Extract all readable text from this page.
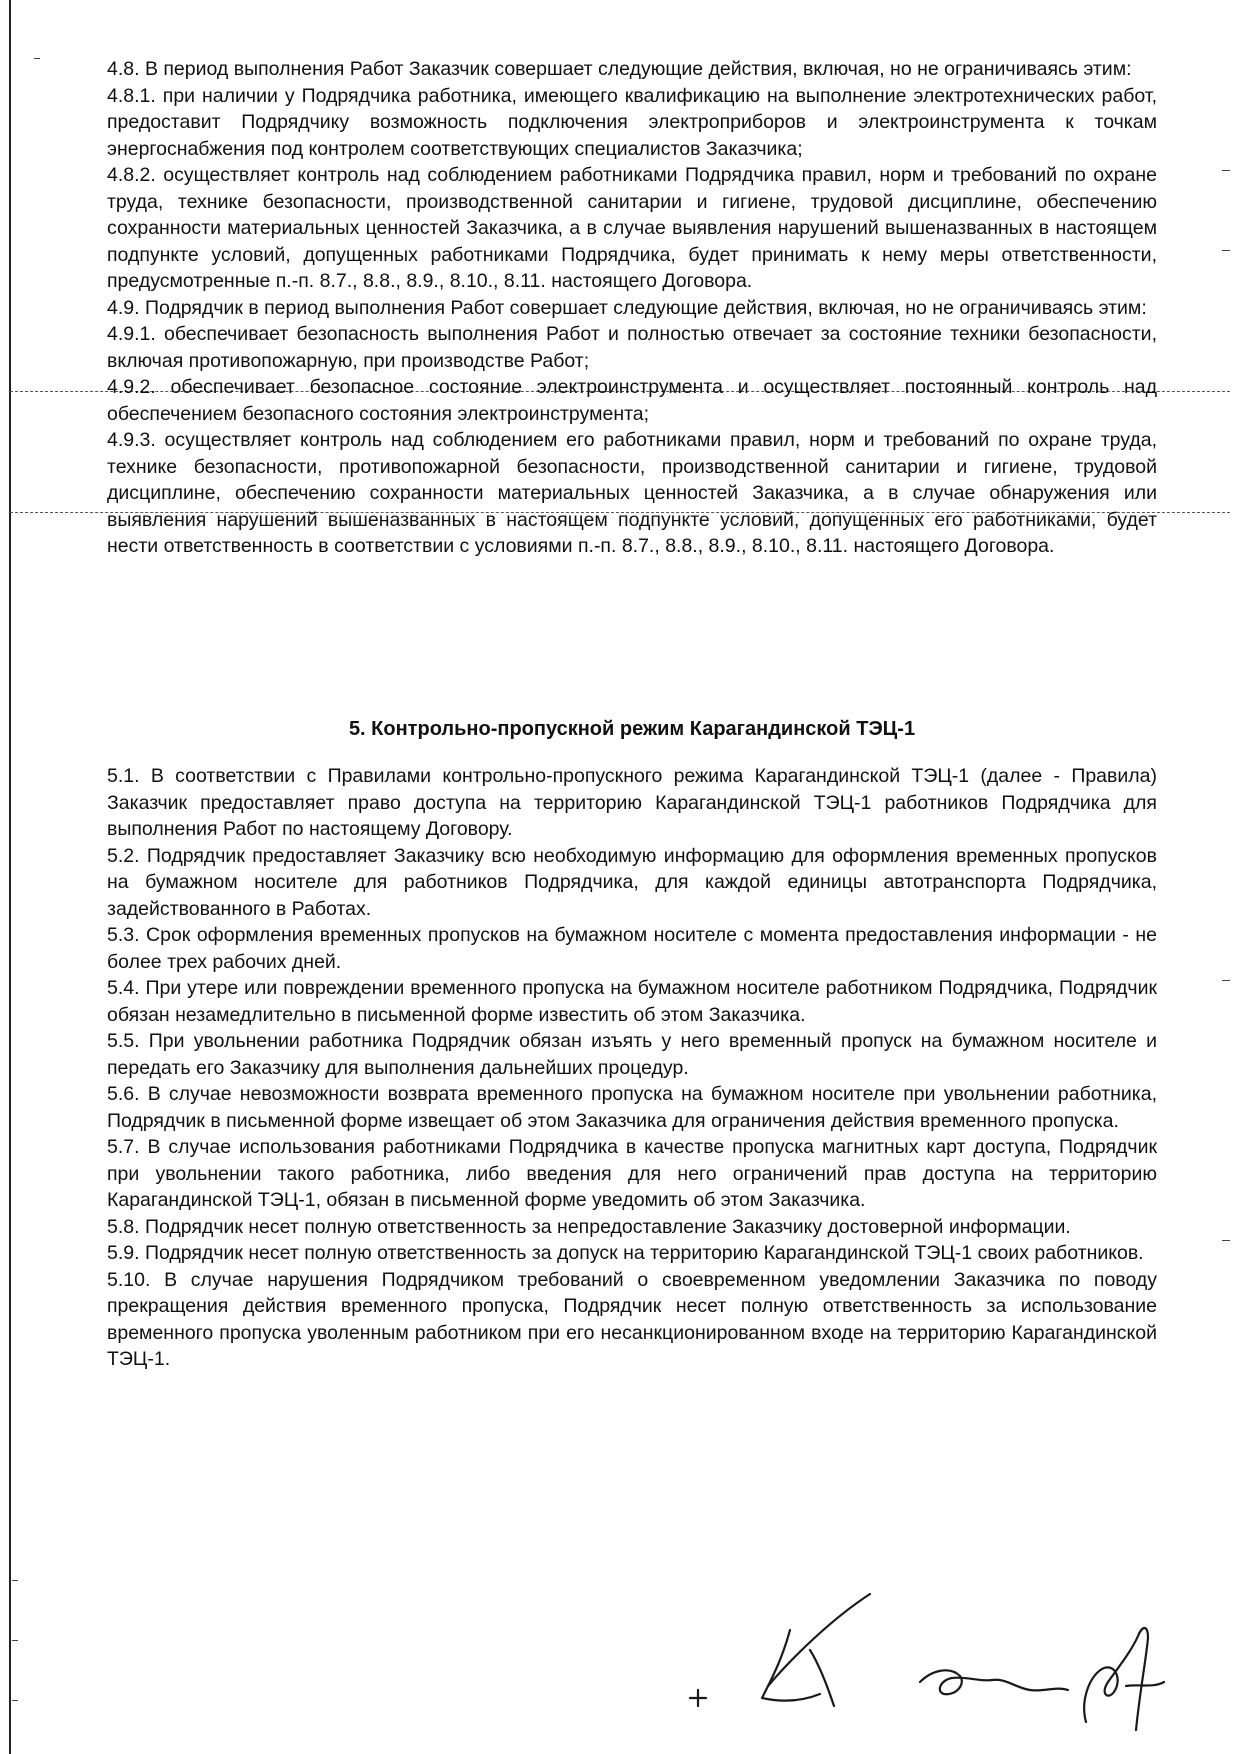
4.8. В период выполнения Работ Заказчик совершает следующие действия, включая, но не ограничиваясь этим:

4.8.1. при наличии у Подрядчика работника, имеющего квалификацию на выполнение электротехнических работ, предоставит Подрядчику возможность подключения электроприборов и электроинструмента к точкам энергоснабжения под контролем соответствующих специалистов Заказчика;

4.8.2. осуществляет контроль над соблюдением работниками Подрядчика правил, норм и требований по охране труда, технике безопасности, производственной санитарии и гигиене, трудовой дисциплине, обеспечению сохранности материальных ценностей Заказчика, а в случае выявления нарушений вышеназванных в настоящем подпункте условий, допущенных работниками Подрядчика, будет принимать к нему меры ответственности, предусмотренные п.-п. 8.7., 8.8., 8.9., 8.10., 8.11. настоящего Договора.

4.9. Подрядчик в период выполнения Работ совершает следующие действия, включая, но не ограничиваясь этим:

4.9.1. обеспечивает безопасность выполнения Работ и полностью отвечает за состояние техники безопасности, включая противопожарную, при производстве Работ;

4.9.2. обеспечивает безопасное состояние электроинструмента и осуществляет постоянный контроль над обеспечением безопасного состояния электроинструмента;

4.9.3. осуществляет контроль над соблюдением его работниками правил, норм и требований по охране труда, технике безопасности, противопожарной безопасности, производственной санитарии и гигиене, трудовой дисциплине, обеспечению сохранности материальных ценностей Заказчика, а в случае обнаружения или выявления нарушений вышеназванных в настоящем подпункте условий, допущенных его работниками, будет нести ответственность в соответствии с условиями п.-п. 8.7., 8.8., 8.9., 8.10., 8.11. настоящего Договора.

5. Контрольно-пропускной режим Карагандинской ТЭЦ-1

5.1. В соответствии с Правилами контрольно-пропускного режима Карагандинской ТЭЦ-1 (далее - Правила) Заказчик предоставляет право доступа на территорию Карагандинской ТЭЦ-1 работников Подрядчика для выполнения Работ по настоящему Договору.

5.2. Подрядчик предоставляет Заказчику всю необходимую информацию для оформления временных пропусков на бумажном носителе для работников Подрядчика, для каждой единицы автотранспорта Подрядчика, задействованного в Работах.

5.3. Срок оформления временных пропусков на бумажном носителе с момента предоставления информации - не более трех рабочих дней.

5.4. При утере или повреждении временного пропуска на бумажном носителе работником Подрядчика, Подрядчик обязан незамедлительно в письменной форме известить об этом Заказчика.

5.5. При увольнении работника Подрядчик обязан изъять у него временный пропуск на бумажном носителе и передать его Заказчику для выполнения дальнейших процедур.

5.6. В случае невозможности возврата временного пропуска на бумажном носителе при увольнении работника, Подрядчик в письменной форме извещает об этом Заказчика для ограничения действия временного пропуска.

5.7. В случае использования работниками Подрядчика в качестве пропуска магнитных карт доступа, Подрядчик при увольнении такого работника, либо введения для него ограничений прав доступа на территорию Карагандинской ТЭЦ-1, обязан в письменной форме уведомить об этом Заказчика.

5.8. Подрядчик несет полную ответственность за непредоставление Заказчику достоверной информации.

5.9. Подрядчик несет полную ответственность за допуск на территорию Карагандинской ТЭЦ-1 своих работников.

5.10. В случае нарушения Подрядчиком требований о своевременном уведомлении Заказчика по поводу прекращения действия временного пропуска, Подрядчик несет полную ответственность за использование временного пропуска уволенным работником при его несанкционированном входе на территорию Карагандинской ТЭЦ-1.
